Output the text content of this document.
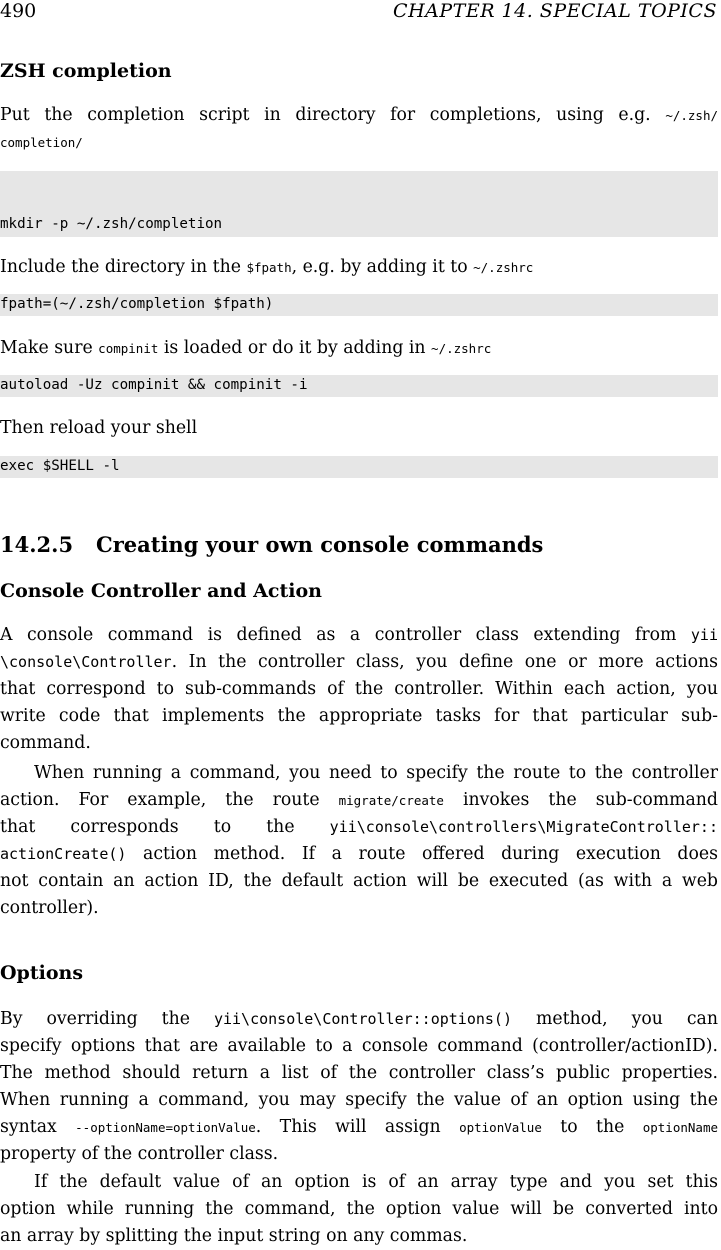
490	CHAPTER 14. SPECIAL TOPICS
ZSH completion
Put the completion script in directory for completions, using e.g. ~/.zsh/
completion/

mkdir -p ~/.zsh/completion

Include the directory in the $fpath, e.g. by adding it to ~/.zshrc
fpath=(~/.zsh/completion $fpath)
Make sure compinit is loaded or do it by adding in ~/.zshrc
autoload -Uz compinit && compinit -i
Then reload your shell
exec $SHELL -l
14.2.5 Creating your own console commands
Console Controller and Action
A console command is defined as a controller class extending from yii
\console\Controller. In the controller class, you define one or more actions
that correspond to sub-commands of the controller. Within each action, you
write code that implements the appropriate tasks for that particular sub-
command.
When running a command, you need to specify the route to the controller
action. For example, the route migrate/create invokes the sub-command
that corresponds to the yii\console\controllers\MigrateController::
actionCreate() action method. If a route offered during execution does
not contain an action ID, the default action will be executed (as with a web
controller).
Options
By overriding the yii\console\Controller::options() method, you can
specify options that are available to a console command (controller/actionID).
The method should return a list of the controller class’s public properties.
When running a command, you may specify the value of an option using the
syntax --optionName=optionValue. This will assign optionValue to the optionName
property of the controller class.
If the default value of an option is of an array type and you set this
option while running the command, the option value will be converted into
an array by splitting the input string on any commas.
